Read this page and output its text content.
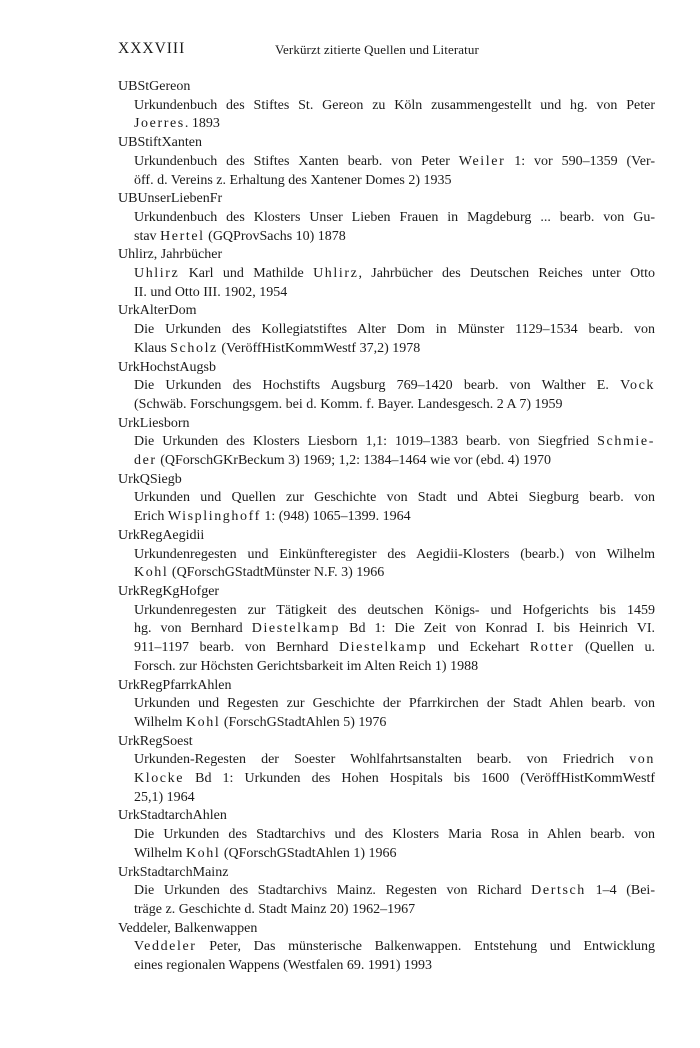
XXXVIII	Verkürzt zitierte Quellen und Literatur
UBStGereon
Urkundenbuch des Stiftes St. Gereon zu Köln zusammengestellt und hg. von Peter
Joerres. 1893
UBStiftXanten
Urkundenbuch des Stiftes Xanten bearb. von Peter Weiler 1: vor 590–1359 (Ver-
öff. d. Vereins z. Erhaltung des Xantener Domes 2) 1935
UBUnserLiebenFr
Urkundenbuch des Klosters Unser Lieben Frauen in Magdeburg ... bearb. von Gu-
stav Hertel (GQProvSachs 10) 1878
Uhlirz, Jahrbücher
Uhlirz Karl und Mathilde Uhlirz, Jahrbücher des Deutschen Reiches unter Otto
II. und Otto III. 1902, 1954
UrkAlterDom
Die Urkunden des Kollegiatstiftes Alter Dom in Münster 1129–1534 bearb. von
Klaus Scholz (VeröffHistKommWestf 37,2) 1978
UrkHochstAugsb
Die Urkunden des Hochstifts Augsburg 769–1420 bearb. von Walther E. Vock
(Schwäb. Forschungsgem. bei d. Komm. f. Bayer. Landesgesch. 2 A 7) 1959
UrkLiesborn
Die Urkunden des Klosters Liesborn 1,1: 1019–1383 bearb. von Siegfried Schmie-
der (QForschGKrBeckum 3) 1969; 1,2: 1384–1464 wie vor (ebd. 4) 1970
UrkQSiegb
Urkunden und Quellen zur Geschichte von Stadt und Abtei Siegburg bearb. von
Erich Wisplinghoff 1: (948) 1065–1399. 1964
UrkRegAegidii
Urkundenregesten und Einkünfteregister des Aegidii-Klosters (bearb.) von Wilhelm
Kohl (QForschGStadtMünster N.F. 3) 1966
UrkRegKgHofger
Urkundenregesten zur Tätigkeit des deutschen Königs- und Hofgerichts bis 1459
hg. von Bernhard Diestelkamp Bd 1: Die Zeit von Konrad I. bis Heinrich VI.
911–1197 bearb. von Bernhard Diestelkamp und Eckehart Rotter (Quellen u.
Forsch. zur Höchsten Gerichtsbarkeit im Alten Reich 1) 1988
UrkRegPfarrkAhlen
Urkunden und Regesten zur Geschichte der Pfarrkirchen der Stadt Ahlen bearb. von
Wilhelm Kohl (ForschGStadtAhlen 5) 1976
UrkRegSoest
Urkunden-Regesten der Soester Wohlfahrtsanstalten bearb. von Friedrich von
Klocke Bd 1: Urkunden des Hohen Hospitals bis 1600 (VeröffHistKommWestf
25,1) 1964
UrkStadtarchAhlen
Die Urkunden des Stadtarchivs und des Klosters Maria Rosa in Ahlen bearb. von
Wilhelm Kohl (QForschGStadtAhlen 1) 1966
UrkStadtarchMainz
Die Urkunden des Stadtarchivs Mainz. Regesten von Richard Dertsch 1–4 (Bei-
träge z. Geschichte d. Stadt Mainz 20) 1962–1967
Veddeler, Balkenwappen
Veddeler Peter, Das münsterische Balkenwappen. Entstehung und Entwicklung
eines regionalen Wappens (Westfalen 69. 1991) 1993
